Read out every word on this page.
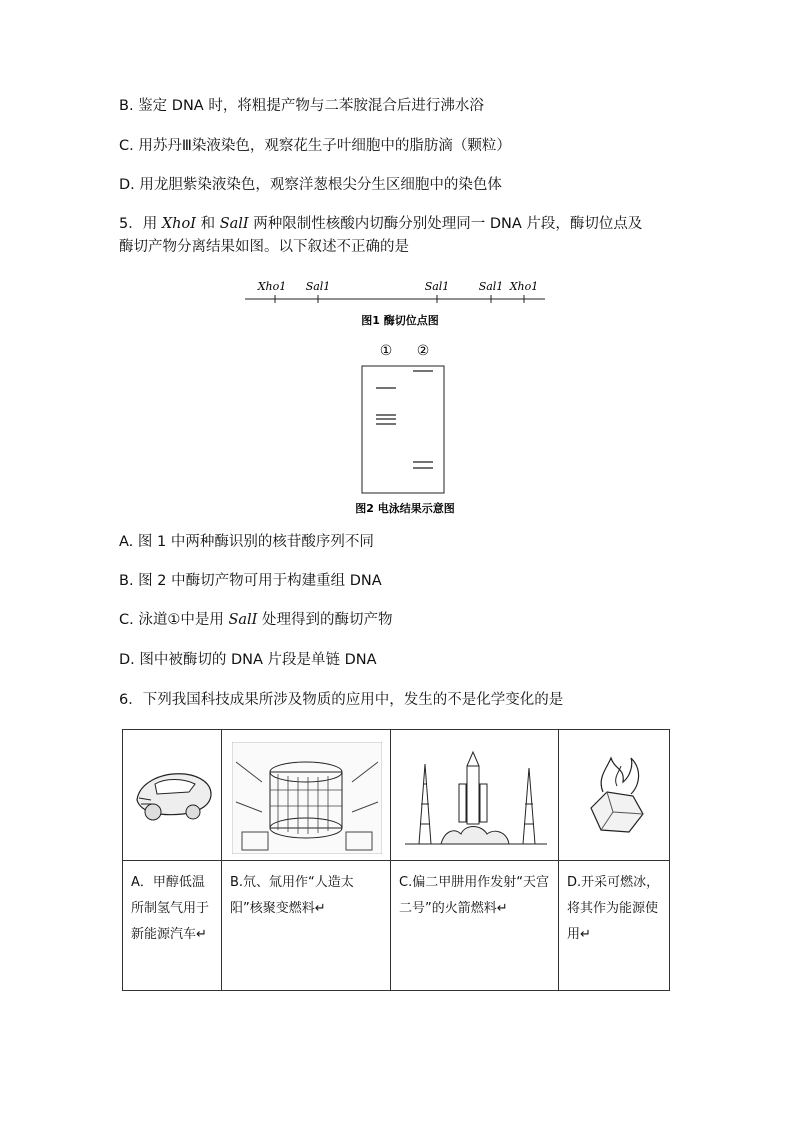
B. 鉴定 DNA 时，将粗提产物与二苯胺混合后进行沸水浴
C. 用苏丹Ⅲ染液染色，观察花生子叶细胞中的脂肪滴（颗粒）
D. 用龙胆紫染液染色，观察洋葱根尖分生区细胞中的染色体
5．用 XhoI 和 SalI 两种限制性核酸内切酶分别处理同一 DNA 片段，酶切位点及
酶切产物分离结果如图。以下叙述不正确的是
Xho1 Sal1	Sal1	Sal1 Xho1
图1 酶切位点图
① ②
图2 电泳结果示意图
A. 图 1 中两种酶识别的核苷酸序列不同
B. 图 2 中酶切产物可用于构建重组 DNA
C. 泳道①中是用 SalI 处理得到的酶切产物
D. 图中被酶切的 DNA 片段是单链 DNA
6．下列我国科技成果所涉及物质的应用中，发生的不是化学变化的是
A．甲醇低温所制氢气用于新能源汽车↵
B.氘、氚用作“人造太阳”核聚变燃料↵
C.偏二甲肼用作发射“天宫二号”的火箭燃料↵
D.开采可燃冰，将其作为能源使用↵
